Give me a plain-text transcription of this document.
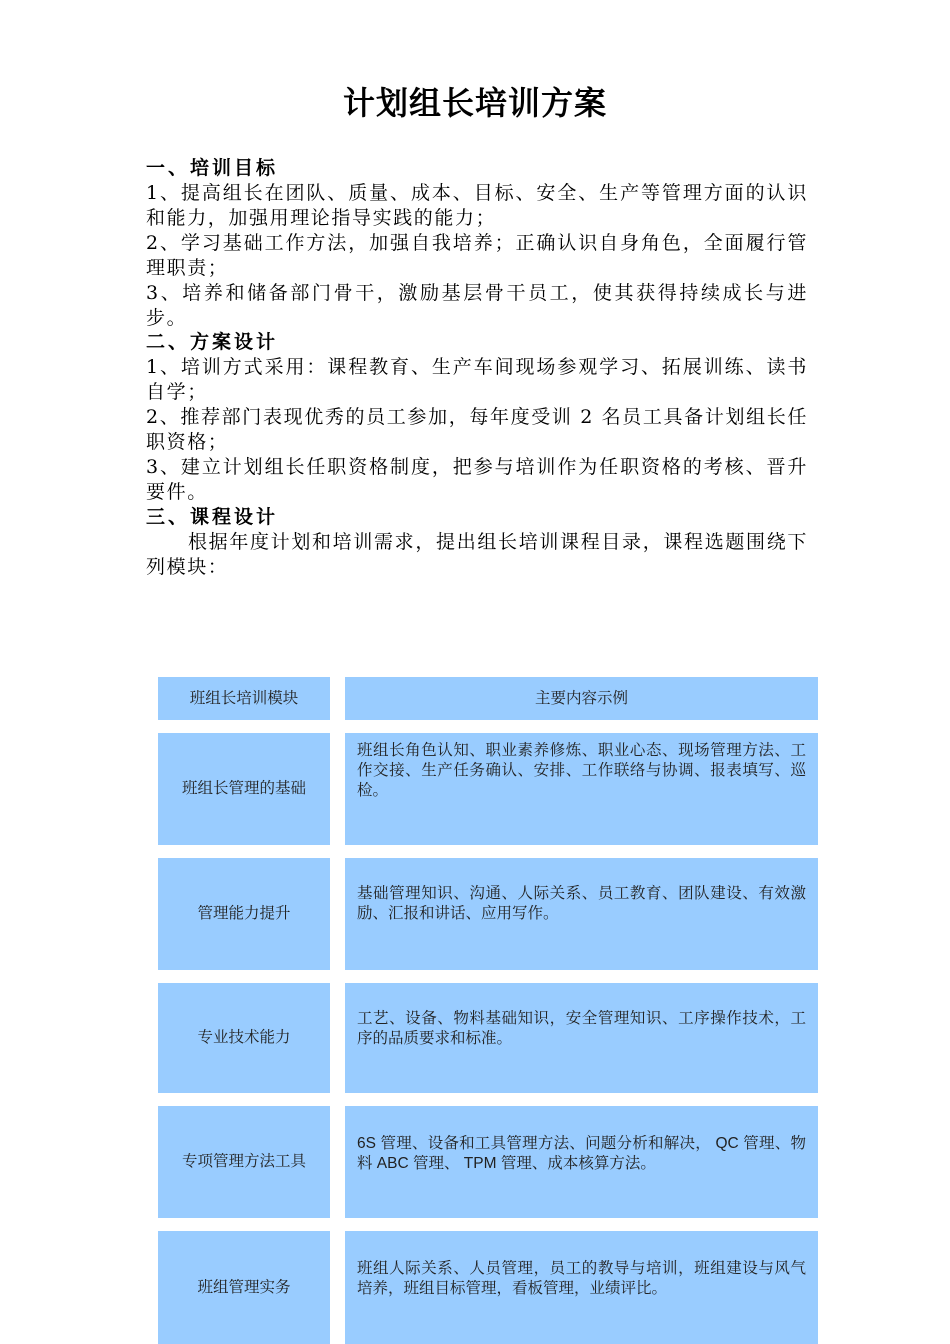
计划组长培训方案

一、培训目标

1、提高组长在团队、质量、成本、目标、安全、生产等管理方面的认识和能力，加强用理论指导实践的能力；

2、学习基础工作方法，加强自我培养；正确认识自身角色，全面履行管理职责；

3、培养和储备部门骨干，激励基层骨干员工，使其获得持续成长与进步。

二、方案设计

1、培训方式采用：课程教育、生产车间现场参观学习、拓展训练、读书自学；

2、推荐部门表现优秀的员工参加，每年度受训 2 名员工具备计划组长任职资格；

3、建立计划组长任职资格制度，把参与培训作为任职资格的考核、晋升要件。

三、课程设计

根据年度计划和培训需求，提出组长培训课程目录，课程选题围绕下列模块：

班组长培训模块	主要内容示例
班组长管理的基础
班组长角色认知、职业素养修炼、职业心态、现场管理方法、工作交接、生产任务确认、安排、工作联络与协调、报表填写、巡检。
管理能力提升
基础管理知识、沟通、人际关系、员工教育、团队建设、有效激励、汇报和讲话、应用写作。
专业技术能力
工艺、设备、物料基础知识，安全管理知识、工序操作技术，工序的品质要求和标准。
专项管理方法工具
6S 管理、设备和工具管理方法、问题分析和解决， QC 管理、物料 ABC 管理、 TPM 管理、成本核算方法。
班组管理实务
班组人际关系、人员管理，员工的教导与培训，班组建设与风气培养，班组目标管理，看板管理，业绩评比。
